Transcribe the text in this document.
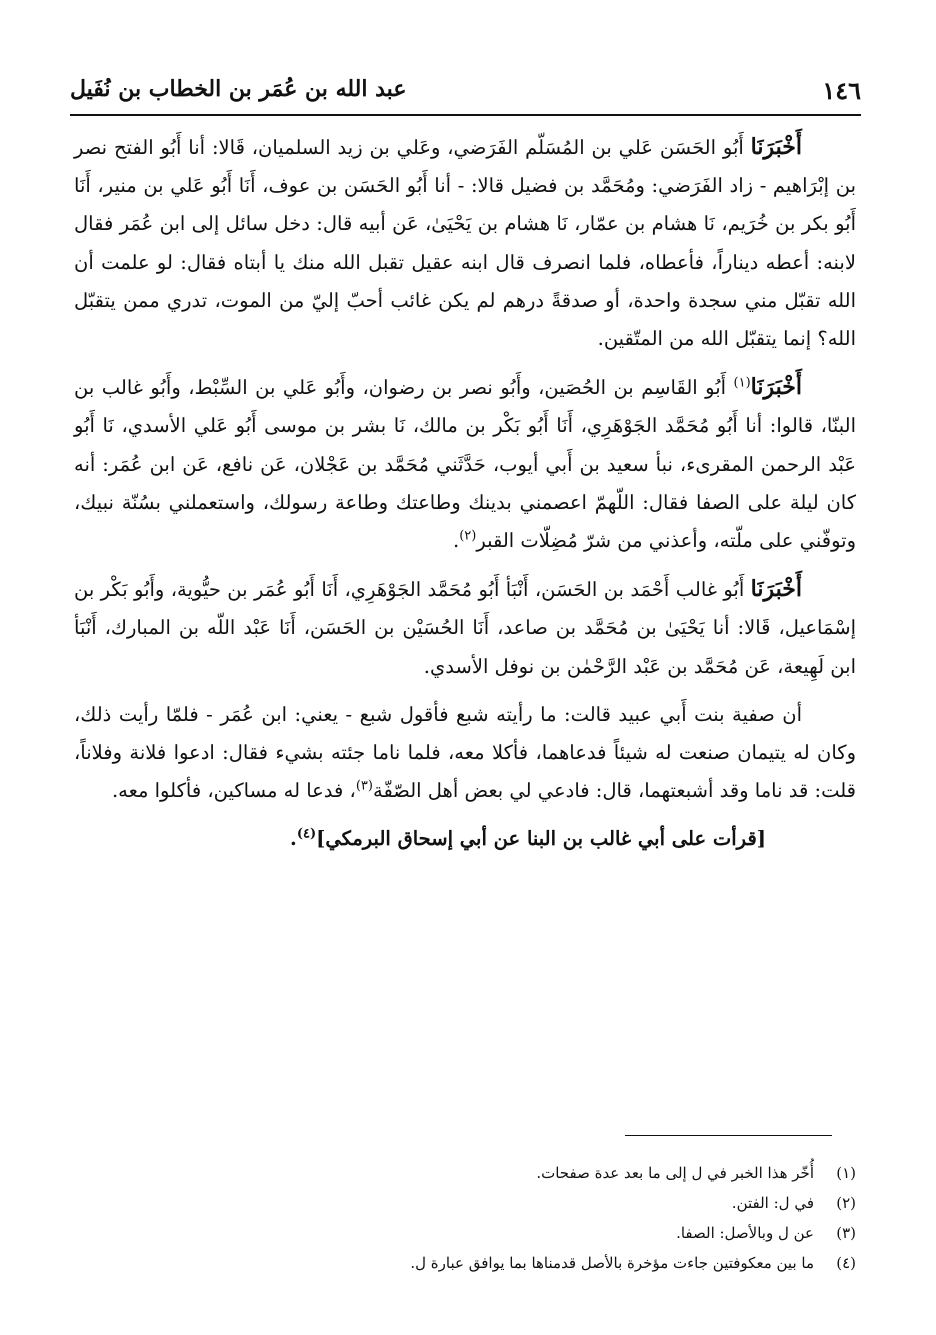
١٤٦
عبد الله بن عُمَر بن الخطاب بن نُفَيل

أَخْبَرَنَا أَبُو الحَسَن عَلي بن المُسَلّم الفَرَضي، وعَلي بن زيد السلميان، قَالا: أنا أَبُو الفتح نصر بن إبْرَاهيم - زاد الفَرَضي: ومُحَمَّد بن فضيل قالا: - أنا أَبُو الحَسَن بن عوف، أَنَا أَبُو عَلي بن منير، أَنَا أَبُو بكر بن خُرَيم، نَا هشام بن عمّار، نَا هشام بن يَحْيَىٰ، عَن أبيه قال: دخل سائل إلى ابن عُمَر فقال لابنه: أعطه ديناراً، فأعطاه، فلما انصرف قال ابنه عقيل تقبل الله منك يا أبتاه فقال: لو علمت أن الله تقبّل مني سجدة واحدة، أو صدقةً درهم لم يكن غائب أحبّ إليّ من الموت، تدري ممن يتقبّل الله؟ إنما يتقبّل الله من المتّقين.

أَخْبَرَنَا$^{(١)}$ أَبُو القَاسِم بن الحُصَين، وأَبُو نصر بن رضوان، وأَبُو عَلي بن السِّبْط، وأَبُو غالب بن البنّا، قالوا: أنا أَبُو مُحَمَّد الجَوْهَرِي، أَنَا أَبُو بَكْر بن مالك، نَا بشر بن موسى أَبُو عَلي الأسدي، نَا أَبُو عَبْد الرحمن المقرىء، نبأ سعيد بن أَبي أيوب، حَدَّثَني مُحَمَّد بن عَجْلان، عَن نافع، عَن ابن عُمَر: أنه كان ليلة على الصفا فقال: اللّهمّ اعصمني بدينك وطاعتك وطاعة رسولك، واستعملني بسُنّة نبيك، وتوفّني على ملّته، وأعذني من شرّ مُضِلّات القبر$^{(٢)}$.

أَخْبَرَنَا أَبُو غالب أَحْمَد بن الحَسَن، أَنْبَأ أَبُو مُحَمَّد الجَوْهَرِي، أَنَا أَبُو عُمَر بن حيُّوية، وأَبُو بَكْر بن إسْمَاعيل، قَالا: أنا يَحْيَىٰ بن مُحَمَّد بن صاعد، أَنَا الحُسَيْن بن الحَسَن، أَنَا عَبْد اللّه بن المبارك، أَنْبَأ ابن لَهِيعة، عَن مُحَمَّد بن عَبْد الرَّحْمٰن بن نوفل الأسدي.

أن صفية بنت أَبي عبيد قالت: ما رأيته شبع فأقول شبع - يعني: ابن عُمَر - فلمّا رأيت ذلك، وكان له يتيمان صنعت له شيئاً فدعاهما، فأكلا معه، فلما ناما جئته بشيء فقال: ادعوا فلانة وفلاناً، قلت: قد ناما وقد أشبعتهما، قال: فادعي لي بعض أهل الصّفّة$^{(٣)}$، فدعا له مساكين، فأكلوا معه.

[قرأت على أبي غالب بن البنا عن أبي إسحاق البرمكي]$^{(٤)}$.

(١)
أُخّر هذا الخبر في ل إلى ما بعد عدة صفحات.
(٢)
في ل: الفتن.
(٣)
عن ل وبالأصل: الصفا.
(٤)
ما بين معكوفتين جاءت مؤخرة بالأصل قدمناها بما يوافق عبارة ل.
